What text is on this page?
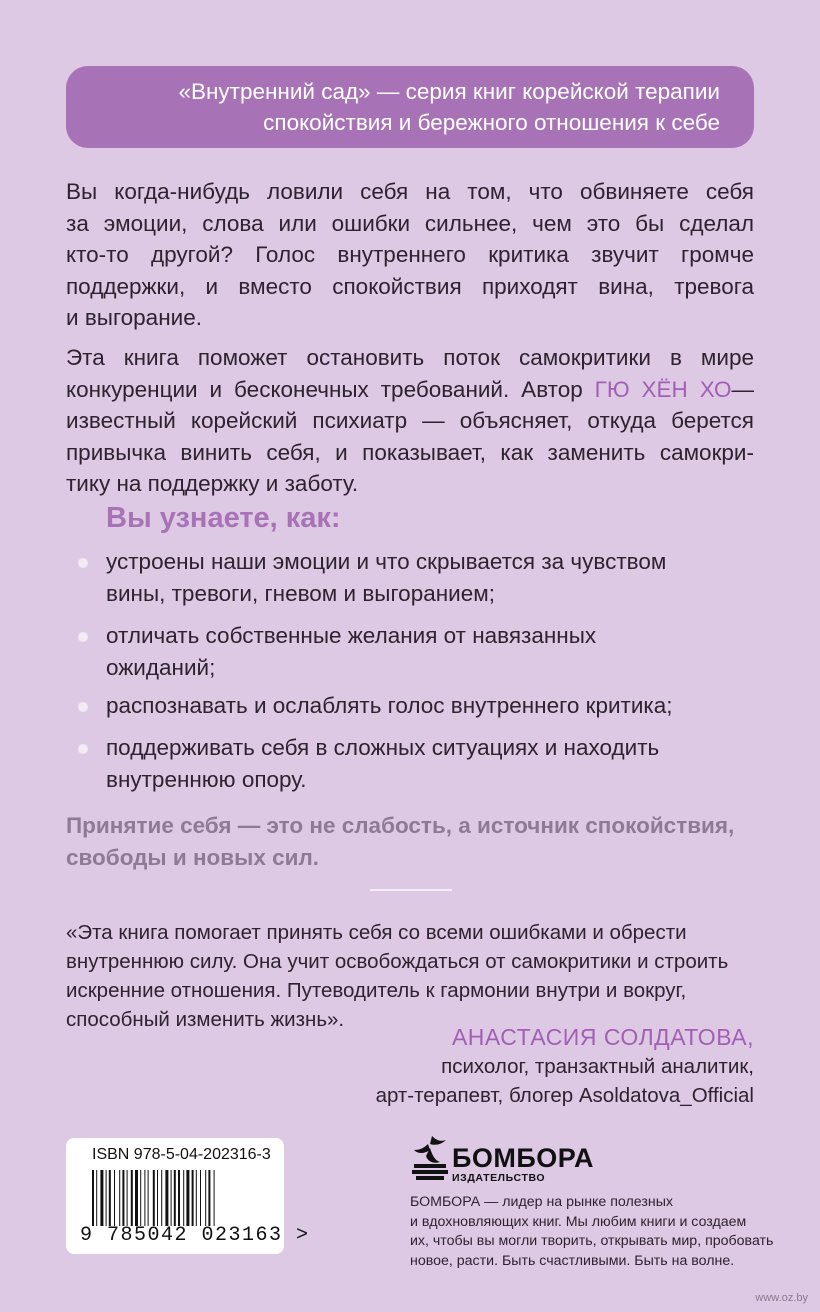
«Внутренний сад» — серия книг корейской терапии
спокойствия и бережного отношения к себе
Вы когда-нибудь ловили себя на том, что обвиняете себя
за эмоции, слова или ошибки сильнее, чем это бы сделал
кто-то другой? Голос внутреннего критика звучит громче
поддержки, и вместо спокойствия приходят вина, тревога
и выгорание.
Эта книга поможет остановить поток самокритики в мире
конкуренции и бесконечных требований. Автор ГЮ ХЁН ХО—
известный корейский психиатр — объясняет, откуда берется
привычка винить себя, и показывает, как заменить самокри-
тику на поддержку и заботу.
Вы узнаете, как:
устроены наши эмоции и что скрывается за чувством
вины, тревоги, гневом и выгоранием;
отличать собственные желания от навязанных
ожиданий;
распознавать и ослаблять голос внутреннего критика;
поддерживать себя в сложных ситуациях и находить
внутреннюю опору.
Принятие себя — это не слабость, а источник спокойствия,
свободы и новых сил.
«Эта книга помогает принять себя со всеми ошибками и обрести
внутреннюю силу. Она учит освобождаться от самокритики и строить
искренние отношения. Путеводитель к гармонии внутри и вокруг,
способный изменить жизнь».
АНАСТАСИЯ СОЛДАТОВА,
психолог, транзактный аналитик,
арт-терапевт, блогер Asoldatova_Official
ISBN 978-5-04-202316-3
9 785042 023163 >
БОМБОРА
ИЗДАТЕЛЬСТВО
БОМБОРА — лидер на рынке полезных
и вдохновляющих книг. Мы любим книги и создаем
их, чтобы вы могли творить, открывать мир, пробовать
новое, расти. Быть счастливыми. Быть на волне.
www.oz.by
